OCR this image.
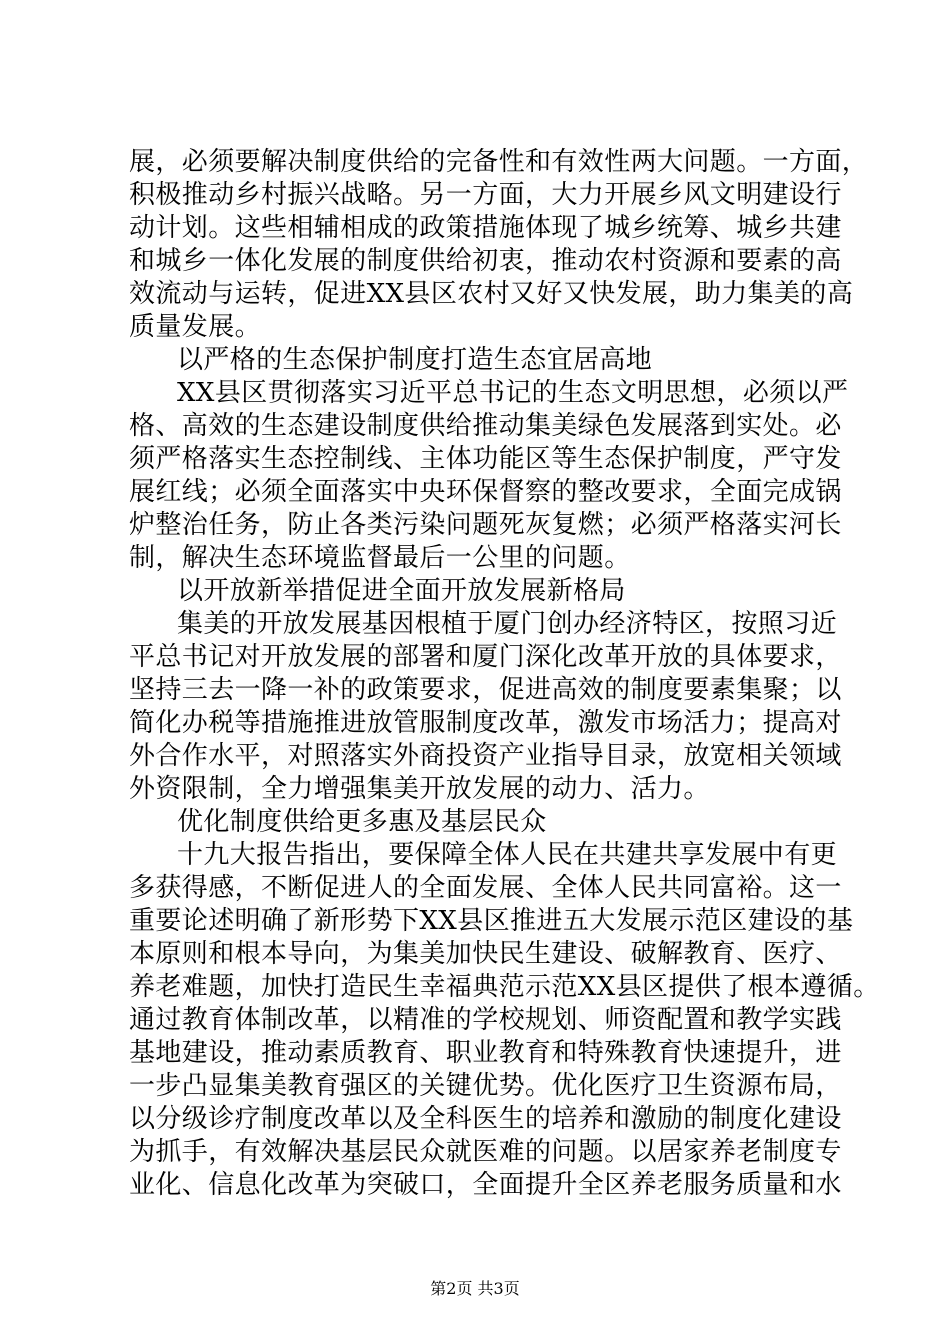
展，必须要解决制度供给的完备性和有效性两大问题。一方面，
积极推动乡村振兴战略。另一方面，大力开展乡风文明建设行
动计划。这些相辅相成的政策措施体现了城乡统筹、城乡共建
和城乡一体化发展的制度供给初衷，推动农村资源和要素的高
效流动与运转，促进XX县区农村又好又快发展，助力集美的高
质量发展。
以严格的生态保护制度打造生态宜居高地
XX县区贯彻落实习近平总书记的生态文明思想，必须以严
格、高效的生态建设制度供给推动集美绿色发展落到实处。必
须严格落实生态控制线、主体功能区等生态保护制度，严守发
展红线；必须全面落实中央环保督察的整改要求，全面完成锅
炉整治任务，防止各类污染问题死灰复燃；必须严格落实河长
制，解决生态环境监督最后一公里的问题。
以开放新举措促进全面开放发展新格局
集美的开放发展基因根植于厦门创办经济特区，按照习近
平总书记对开放发展的部署和厦门深化改革开放的具体要求，
坚持三去一降一补的政策要求，促进高效的制度要素集聚；以
简化办税等措施推进放管服制度改革，激发市场活力；提高对
外合作水平，对照落实外商投资产业指导目录，放宽相关领域
外资限制，全力增强集美开放发展的动力、活力。
优化制度供给更多惠及基层民众
十九大报告指出，要保障全体人民在共建共享发展中有更
多获得感，不断促进人的全面发展、全体人民共同富裕。这一
重要论述明确了新形势下XX县区推进五大发展示范区建设的基
本原则和根本导向，为集美加快民生建设、破解教育、医疗、
养老难题，加快打造民生幸福典范示范XX县区提供了根本遵循。
通过教育体制改革，以精准的学校规划、师资配置和教学实践
基地建设，推动素质教育、职业教育和特殊教育快速提升，进
一步凸显集美教育强区的关键优势。优化医疗卫生资源布局，
以分级诊疗制度改革以及全科医生的培养和激励的制度化建设
为抓手，有效解决基层民众就医难的问题。以居家养老制度专
业化、信息化改革为突破口，全面提升全区养老服务质量和水
第2页 共3页
